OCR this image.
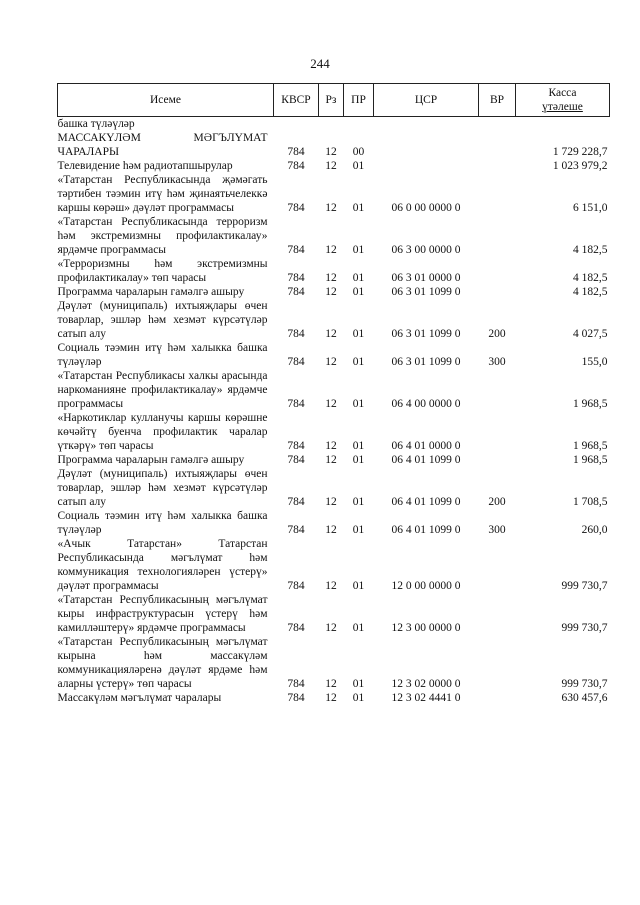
244
Исеме	КВСР	Рз	ПР	ЦСР	ВР	Касса
үтәлеше

башка түләүләр						
МАССАКҮЛӘМ МӘГЪЛҮМАТ ЧАРАЛАРЫ	784	12	00			1 729 228,7
Телевидение һәм радиотапшырулар	784	12	01			1 023 979,2
«Татарстан Республикасында җәмәгать тәртибен тәэмин итү һәм җинаятьчелеккә каршы көрәш» дәүләт программасы	784	12	01	06 0 00 0000 0		6 151,0
«Татарстан Республикасында терроризм һәм экстремизмны профилактикалау» ярдәмче программасы	784	12	01	06 3 00 0000 0		4 182,5
«Терроризмны һәм экстремизмны профилактикалау» төп чарасы	784	12	01	06 3 01 0000 0		4 182,5
Программа чараларын гамәлгә ашыру	784	12	01	06 3 01 1099 0		4 182,5
Дәүләт (муниципаль) ихтыяҗлары өчен товарлар, эшләр һәм хезмәт күрсәтүләр сатып алу	784	12	01	06 3 01 1099 0	200	4 027,5
Социаль тәэмин итү һәм халыкка башка түләүләр	784	12	01	06 3 01 1099 0	300	155,0
«Татарстан Республикасы халкы арасында наркоманияне профилактикалау» ярдәмче программасы	784	12	01	06 4 00 0000 0		1 968,5
«Наркотиклар кулланучы каршы көрәшне көчәйтү буенча профилактик чаралар үткәрү» төп чарасы	784	12	01	06 4 01 0000 0		1 968,5
Программа чараларын гамәлгә ашыру	784	12	01	06 4 01 1099 0		1 968,5
Дәүләт (муниципаль) ихтыяҗлары өчен товарлар, эшләр һәм хезмәт күрсәтүләр сатып алу	784	12	01	06 4 01 1099 0	200	1 708,5
Социаль тәэмин итү һәм халыкка башка түләүләр	784	12	01	06 4 01 1099 0	300	260,0
«Ачык Татарстан» Татарстан Республикасында мәгълүмат һәм коммуникация технологияләрен үстерү» дәүләт программасы	784	12	01	12 0 00 0000 0		999 730,7
«Татарстан Республикасының мәгълүмат кыры инфраструктурасын үстерү һәм камилләштерү» ярдәмче программасы	784	12	01	12 3 00 0000 0		999 730,7
«Татарстан Республикасының мәгълүмат кырына һәм массакүләм коммуникацияләренә дәүләт ярдәме һәм аларны үстерү» төп чарасы	784	12	01	12 3 02 0000 0		999 730,7
Массакүләм мәгълүмат чаралары	784	12	01	12 3 02 4441 0		630 457,6
